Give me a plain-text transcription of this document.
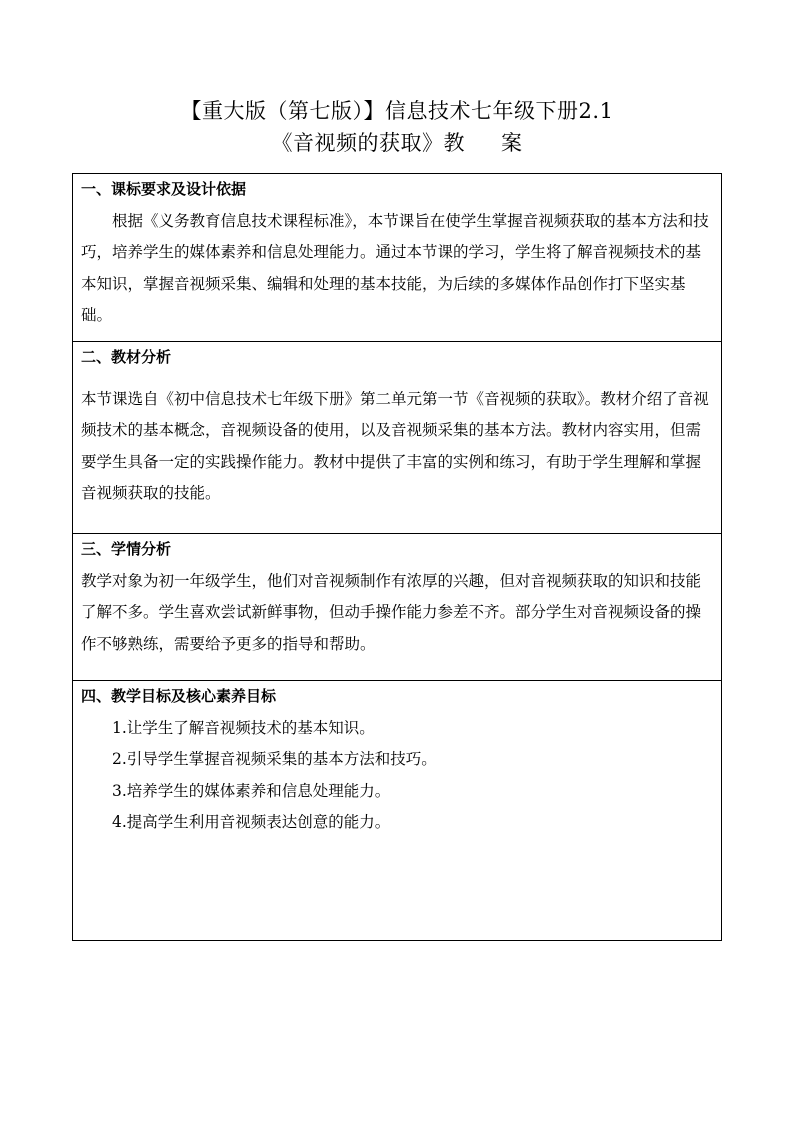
【重大版（第七版）】信息技术七年级下册2.1
《音视频的获取》教 案
一、课标要求及设计依据

根据《义务教育信息技术课程标准》，本节课旨在使学生掌握音视频获取的基本方法和技巧，培养学生的媒体素养和信息处理能力。通过本节课的学习，学生将了解音视频技术的基本知识，掌握音视频采集、编辑和处理的基本技能，为后续的多媒体作品创作打下坚实基础。

二、教材分析

本节课选自《初中信息技术七年级下册》第二单元第一节《音视频的获取》。教材介绍了音视频技术的基本概念，音视频设备的使用，以及音视频采集的基本方法。教材内容实用，但需要学生具备一定的实践操作能力。教材中提供了丰富的实例和练习，有助于学生理解和掌握音视频获取的技能。

三、学情分析

教学对象为初一年级学生，他们对音视频制作有浓厚的兴趣，但对音视频获取的知识和技能了解不多。学生喜欢尝试新鲜事物，但动手操作能力参差不齐。部分学生对音视频设备的操作不够熟练，需要给予更多的指导和帮助。

四、教学目标及核心素养目标
1.让学生了解音视频技术的基本知识。
2.引导学生掌握音视频采集的基本方法和技巧。
3.培养学生的媒体素养和信息处理能力。
4.提高学生利用音视频表达创意的能力。
